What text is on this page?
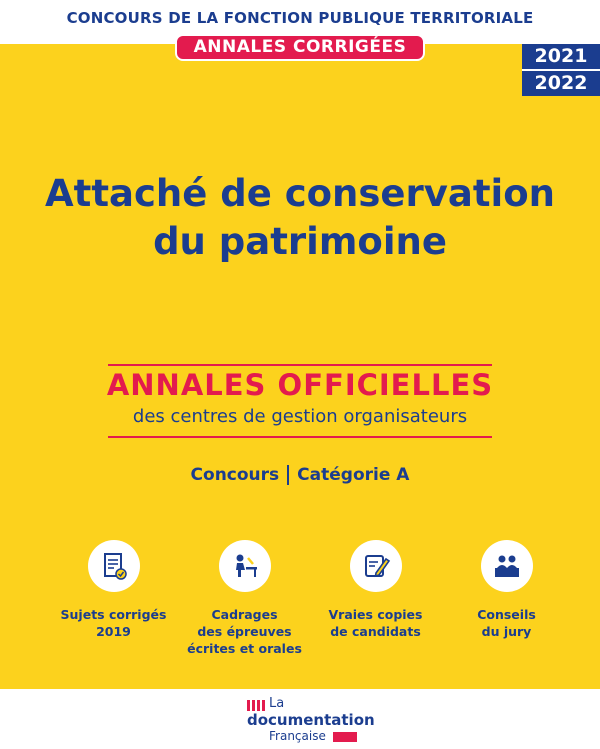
CONCOURS DE LA FONCTION PUBLIQUE TERRITORIALE
ANNALES CORRIGÉES	2021
2022
Attaché de conservation
du patrimoine
ANNALES OFFICIELLES
des centres de gestion organisateurs
Concours Catégorie A
Sujets corrigés
2019
Cadrages
des épreuves
écrites et orales
Vraies copies
de candidats
Conseils
du jury
La
documentation
Française
